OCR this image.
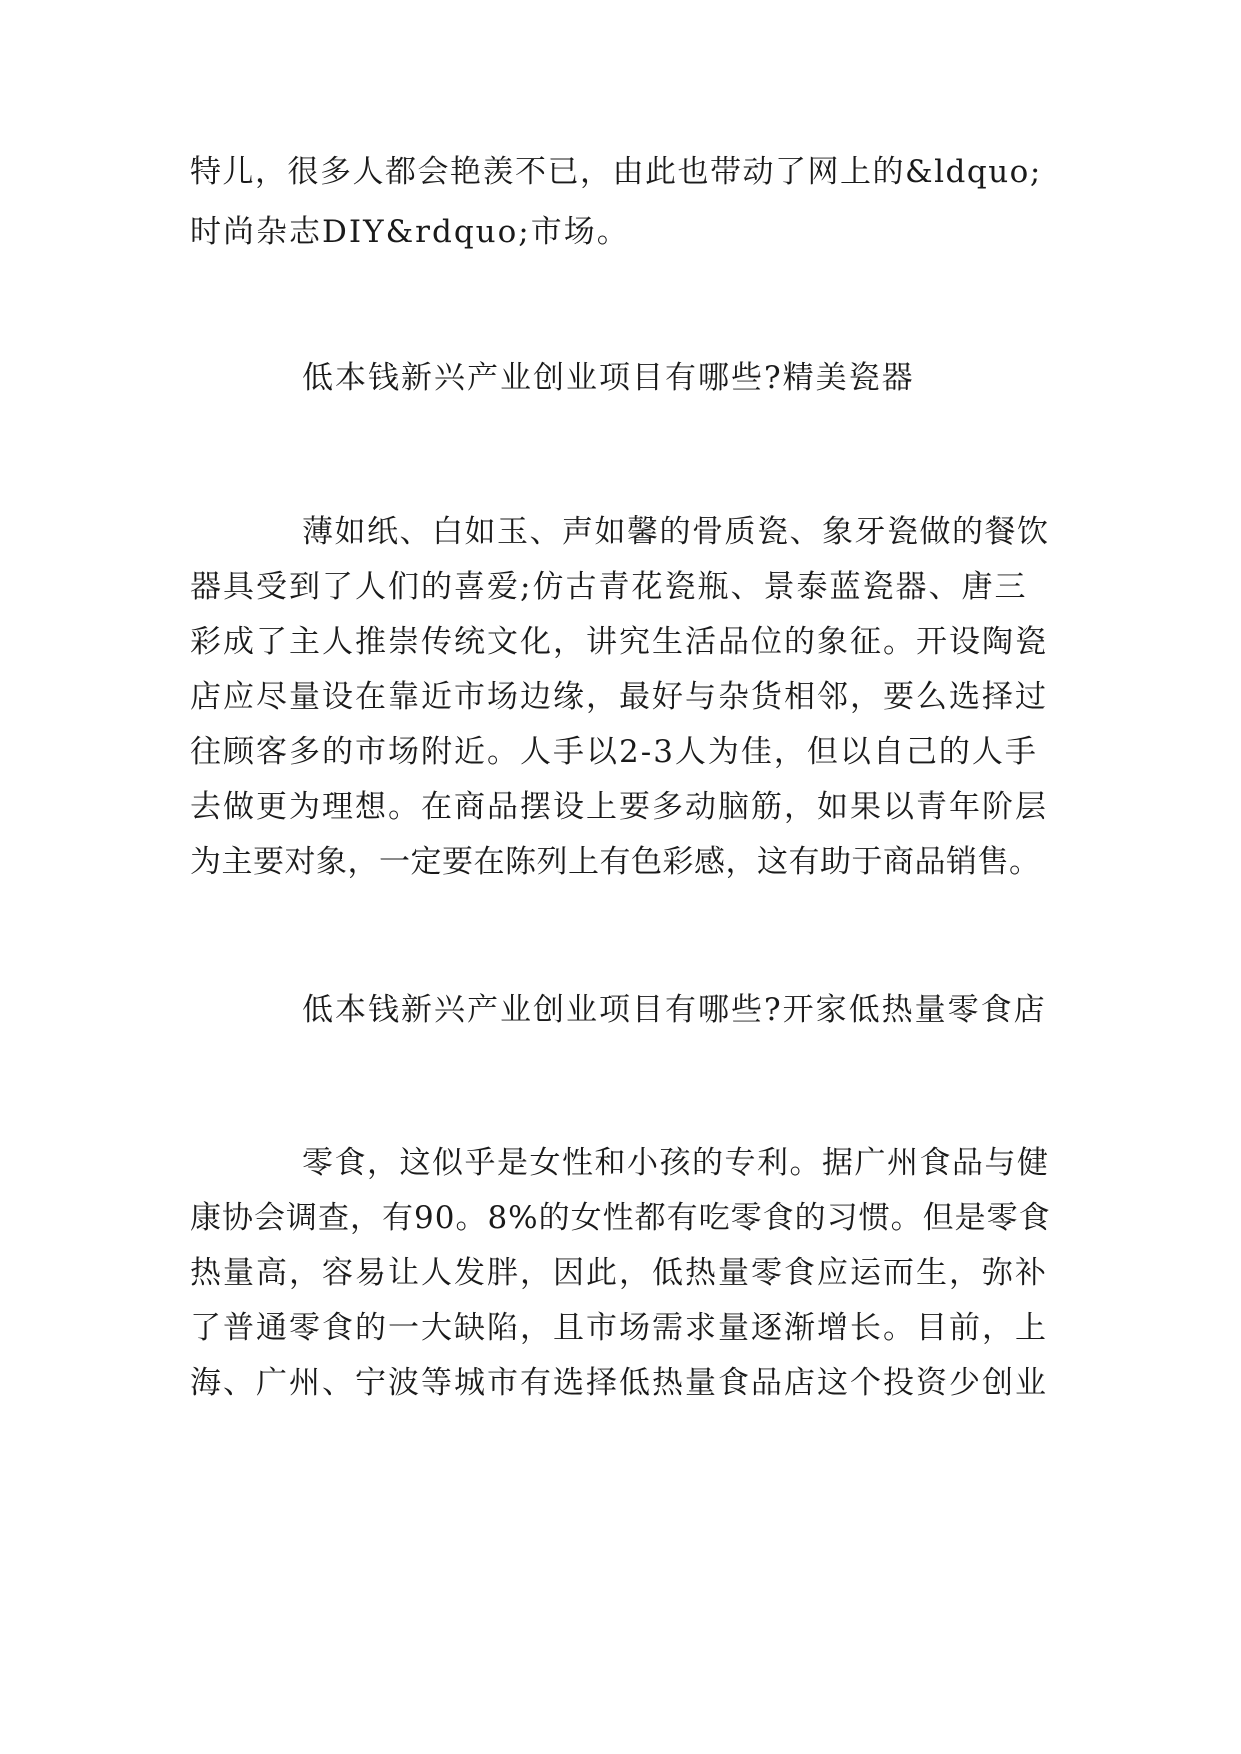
特儿，很多人都会艳羡不已，由此也带动了网上的&ldquo;

时尚杂志DIY&rdquo;市场。

低本钱新兴产业创业项目有哪些?精美瓷器

薄如纸、白如玉、声如馨的骨质瓷、象牙瓷做的餐饮

器具受到了人们的喜爱;仿古青花瓷瓶、景泰蓝瓷器、唐三

彩成了主人推崇传统文化，讲究生活品位的象征。开设陶瓷

店应尽量设在靠近市场边缘，最好与杂货相邻，要么选择过

往顾客多的市场附近。人手以2-3人为佳，但以自己的人手

去做更为理想。在商品摆设上要多动脑筋，如果以青年阶层

为主要对象，一定要在陈列上有色彩感，这有助于商品销售。

低本钱新兴产业创业项目有哪些?开家低热量零食店

零食，这似乎是女性和小孩的专利。据广州食品与健

康协会调查，有90。8%的女性都有吃零食的习惯。但是零食

热量高，容易让人发胖，因此，低热量零食应运而生，弥补

了普通零食的一大缺陷，且市场需求量逐渐增长。目前，上

海、广州、宁波等城市有选择低热量食品店这个投资少创业
